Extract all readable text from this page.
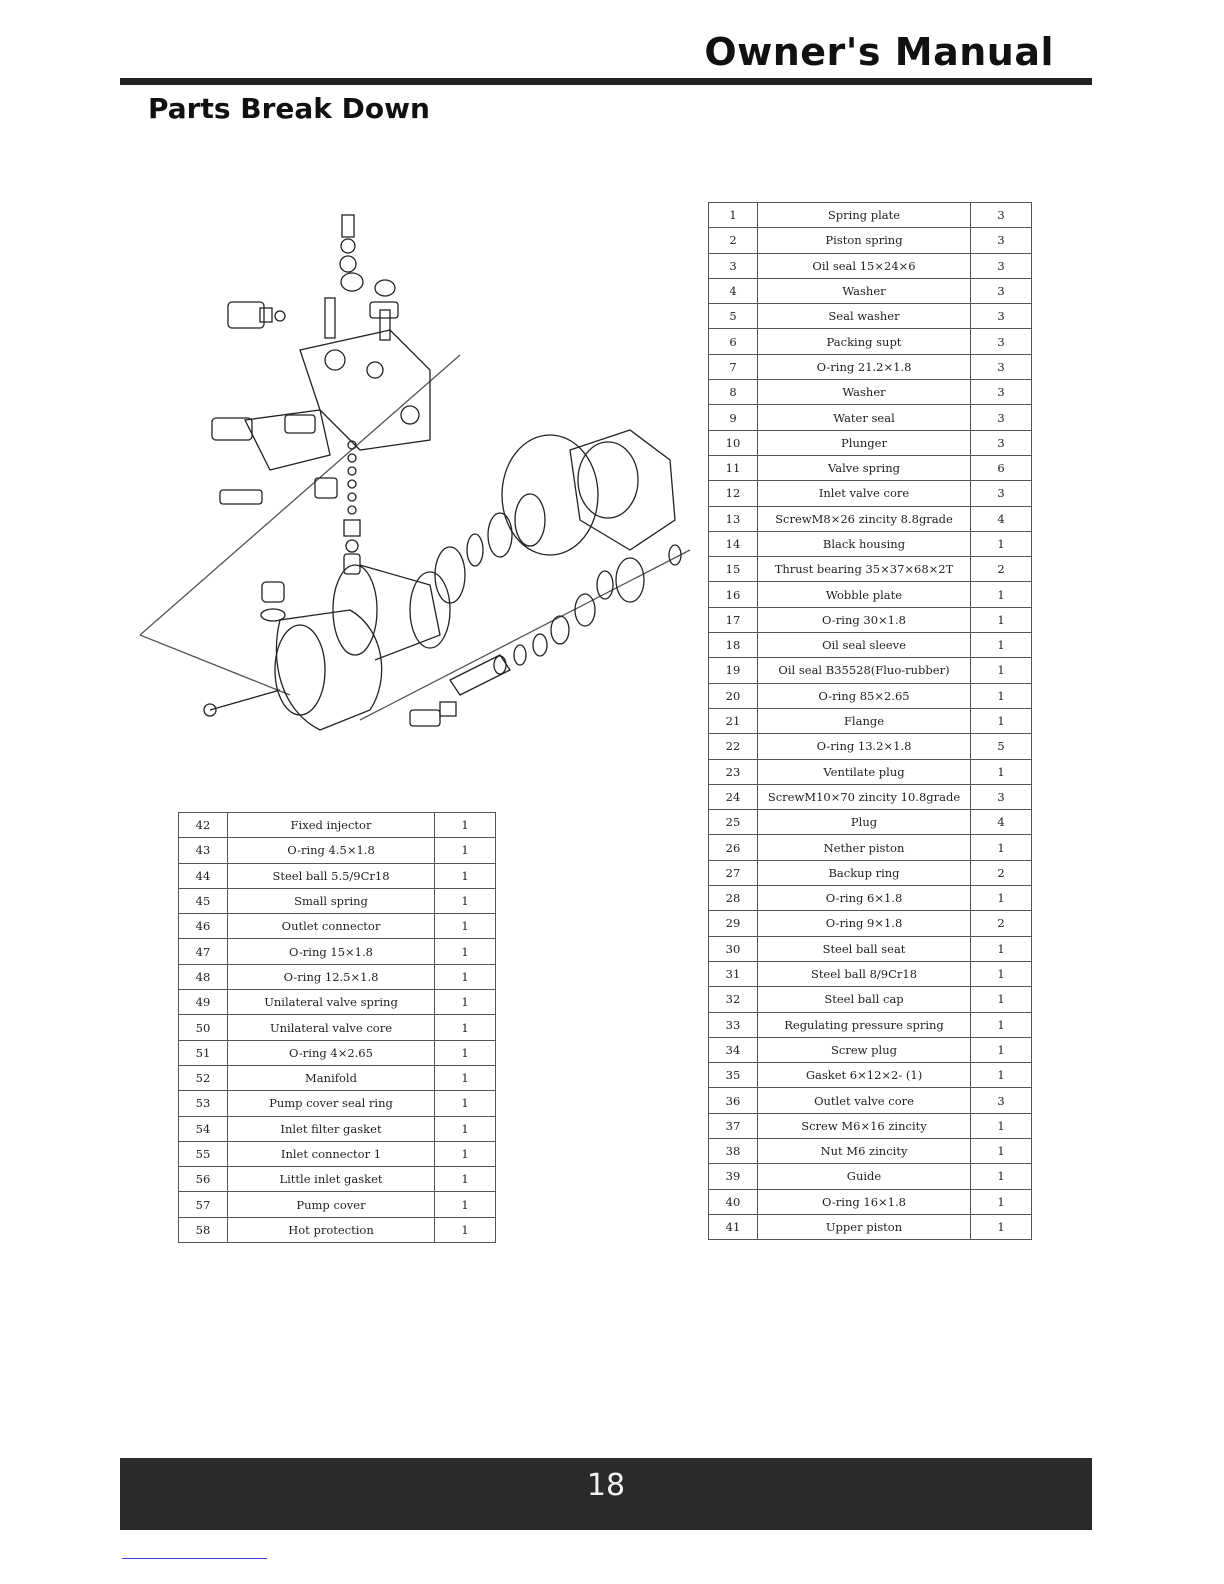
Owner's Manual
Parts Break Down
1	Spring plate	3
2	Piston spring	3
3	Oil seal 15×24×6	3
4	Washer	3
5	Seal washer	3
6	Packing supt	3
7	O-ring 21.2×1.8	3
8	Washer	3
9	Water seal	3
10	Plunger	3
11	Valve spring	6
12	Inlet valve core	3
13	ScrewM8×26 zincity 8.8grade	4
14	Black housing	1
15	Thrust bearing 35×37×68×2T	2
16	Wobble plate	1
17	O-ring 30×1.8	1
18	Oil seal sleeve	1
19	Oil seal B35528(Fluo-rubber)	1
20	O-ring 85×2.65	1
21	Flange	1
22	O-ring 13.2×1.8	5
23	Ventilate plug	1
24	ScrewM10×70 zincity 10.8grade	3
25	Plug	4
26	Nether piston	1
27	Backup ring	2
28	O-ring 6×1.8	1
29	O-ring 9×1.8	2
30	Steel ball seat	1
31	Steel ball 8/9Cr18	1
32	Steel ball cap	1
33	Regulating pressure spring	1
34	Screw plug	1
35	Gasket 6×12×2- (1)	1
36	Outlet valve core	3
37	Screw M6×16 zincity	1
38	Nut M6 zincity	1
39	Guide	1
40	O-ring 16×1.8	1
41	Upper piston	1
42	Fixed injector	1
43	O-ring 4.5×1.8	1
44	Steel ball 5.5/9Cr18	1
45	Small spring	1
46	Outlet connector	1
47	O-ring 15×1.8	1
48	O-ring 12.5×1.8	1
49	Unilateral valve spring	1
50	Unilateral valve core	1
51	O-ring 4×2.65	1
52	Manifold	1
53	Pump cover seal ring	1
54	Inlet filter gasket	1
55	Inlet connector 1	1
56	Little inlet gasket	1
57	Pump cover	1
58	Hot protection	1
18
